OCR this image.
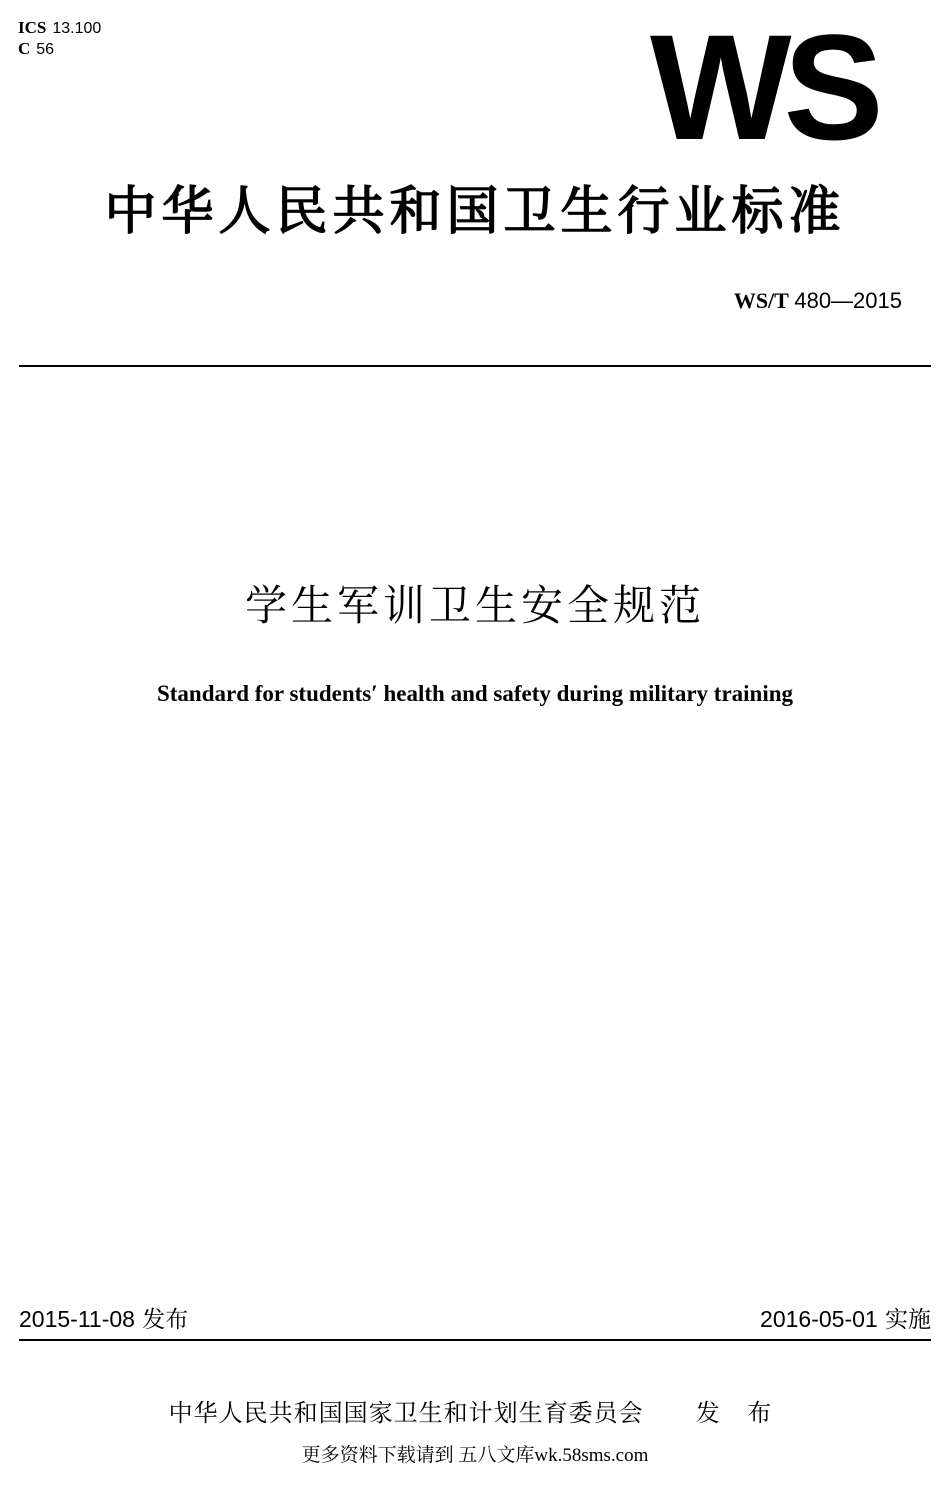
ICS 13.100
C 56	WS
中华人民共和国卫生行业标准
WS/T 480—2015
学生军训卫生安全规范
Standard for students′ health and safety during military training
2015-11-08 发布	2016-05-01 实施
中华人民共和国国家卫生和计划生育委员会 发 布
更多资料下载请到 五八文库wk.58sms.com
